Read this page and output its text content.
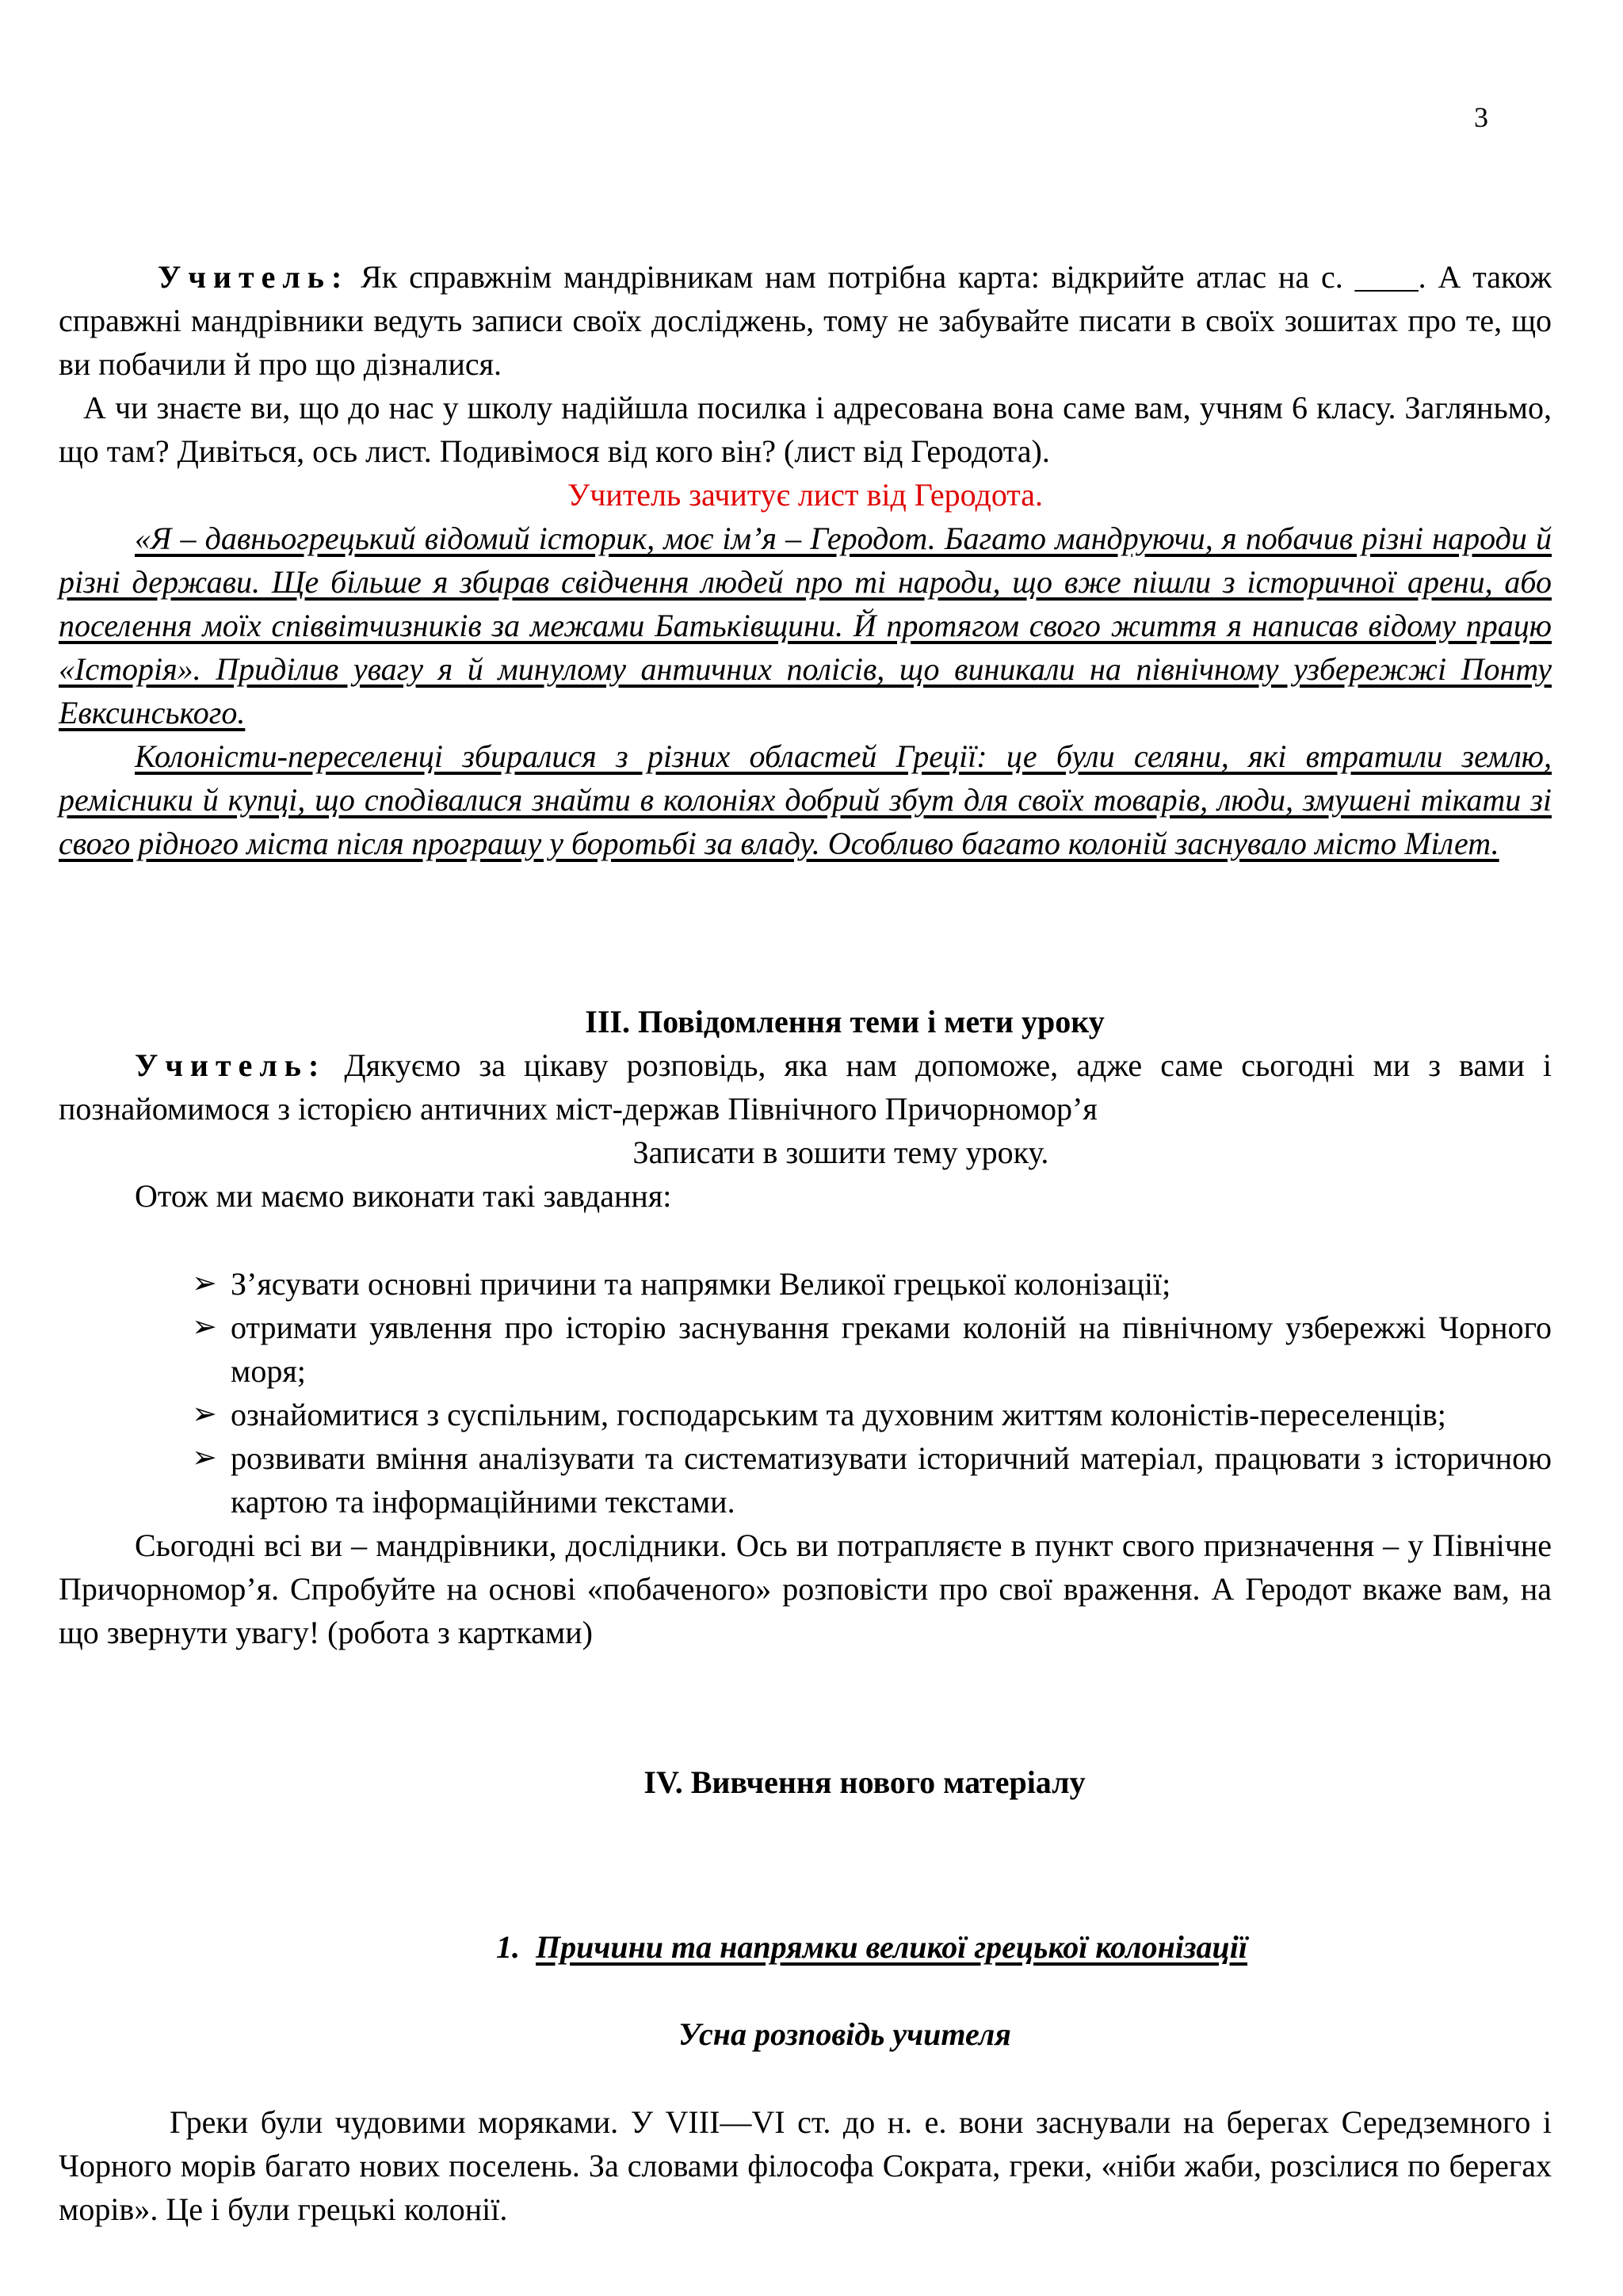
3

Учитель: Як справжнім мандрівникам нам потрібна карта: відкрийте атлас на с. ____. А також справжні мандрівники ведуть записи своїх досліджень, тому не забувайте писати в своїх зошитах про те, що ви побачили й про що дізналися.

А чи знаєте ви, що до нас у школу надійшла посилка і адресована вона саме вам, учням 6 класу. Загляньмо, що там? Дивіться, ось лист. Подивімося від кого він? (лист від Геродота).

Учитель зачитує лист від Геродота.

«Я – давньогрецький відомий історик, моє ім’я – Геродот. Багато мандруючи, я побачив різні народи й різні держави. Ще більше я збирав свідчення людей про ті народи, що вже пішли з історичної арени, або поселення моїх співвітчизників за межами Батьківщини. Й протягом свого життя я написав відому працю «Історія». Приділив увагу я й минулому античних полісів, що виникали на північному узбережжі Понту Евксинського.

Колоністи-переселенці збиралися з різних областей Греції: це були селяни, які втратили землю, ремісники й купці, що сподівалися знайти в колоніях добрий збут для своїх товарів, люди, змушені тікати зі свого рідного міста після програшу у боротьбі за владу. Особливо багато колоній заснувало місто Мілет.

ІІІ. Повідомлення теми і мети уроку

Учитель: Дякуємо за цікаву розповідь, яка нам допоможе, адже саме сьогодні ми з вами і познайомимося з історією античних міст-держав Північного Причорномор’я

Записати в зошити тему уроку.

Отож ми маємо виконати такі завдання:

➢ З’ясувати основні причини та напрямки Великої грецької колонізації;
➢ отримати уявлення про історію заснування греками колоній на північному узбережжі Чорного моря;
➢ ознайомитися з суспільним, господарським та духовним життям колоністів-переселенців;
➢ розвивати вміння аналізувати та систематизувати історичний матеріал, працювати з історичною картою та інформаційними текстами.

Сьогодні всі ви – мандрівники, дослідники. Ось ви потрапляєте в пункт свого призначення – у Північне Причорномор’я. Спробуйте на основі «побаченого» розповісти про свої враження. А Геродот вкаже вам, на що звернути увагу! (робота з картками)

ІV. Вивчення нового матеріалу

1. Причини та напрямки великої грецької колонізації

Усна розповідь учителя

Греки були чудовими моряками. У VIII—VI ст. до н. е. вони заснували на берегах Середземного і Чорного морів багато нових поселень. За словами філософа Сократа, греки, «ніби жаби, розсілися по берегах морів». Це і були грецькі колонії.
